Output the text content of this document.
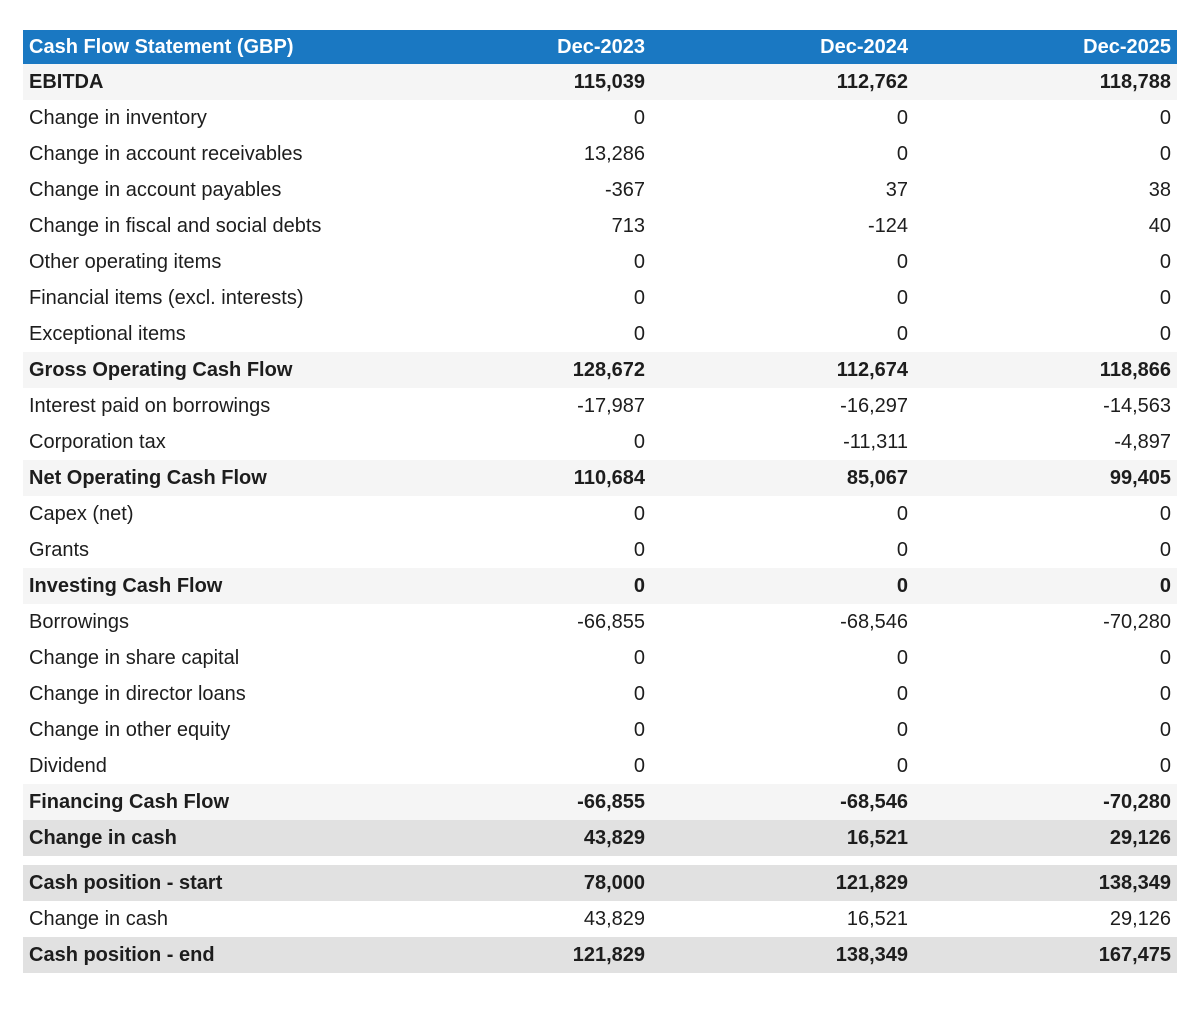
Cash Flow Statement (GBP)	Dec-2023	Dec-2024	Dec-2025
EBITDA	115,039	112,762	118,788
Change in inventory	0	0	0
Change in account receivables	13,286	0	0
Change in account payables	-367	37	38
Change in fiscal and social debts	713	-124	40
Other operating items	0	0	0
Financial items (excl. interests)	0	0	0
Exceptional items	0	0	0
Gross Operating Cash Flow	128,672	112,674	118,866
Interest paid on borrowings	-17,987	-16,297	-14,563
Corporation tax	0	-11,311	-4,897
Net Operating Cash Flow	110,684	85,067	99,405
Capex (net)	0	0	0
Grants	0	0	0
Investing Cash Flow	0	0	0
Borrowings	-66,855	-68,546	-70,280
Change in share capital	0	0	0
Change in director loans	0	0	0
Change in other equity	0	0	0
Dividend	0	0	0
Financing Cash Flow	-66,855	-68,546	-70,280
Change in cash	43,829	16,521	29,126

Cash position - start	78,000	121,829	138,349
Change in cash	43,829	16,521	29,126
Cash position - end	121,829	138,349	167,475
